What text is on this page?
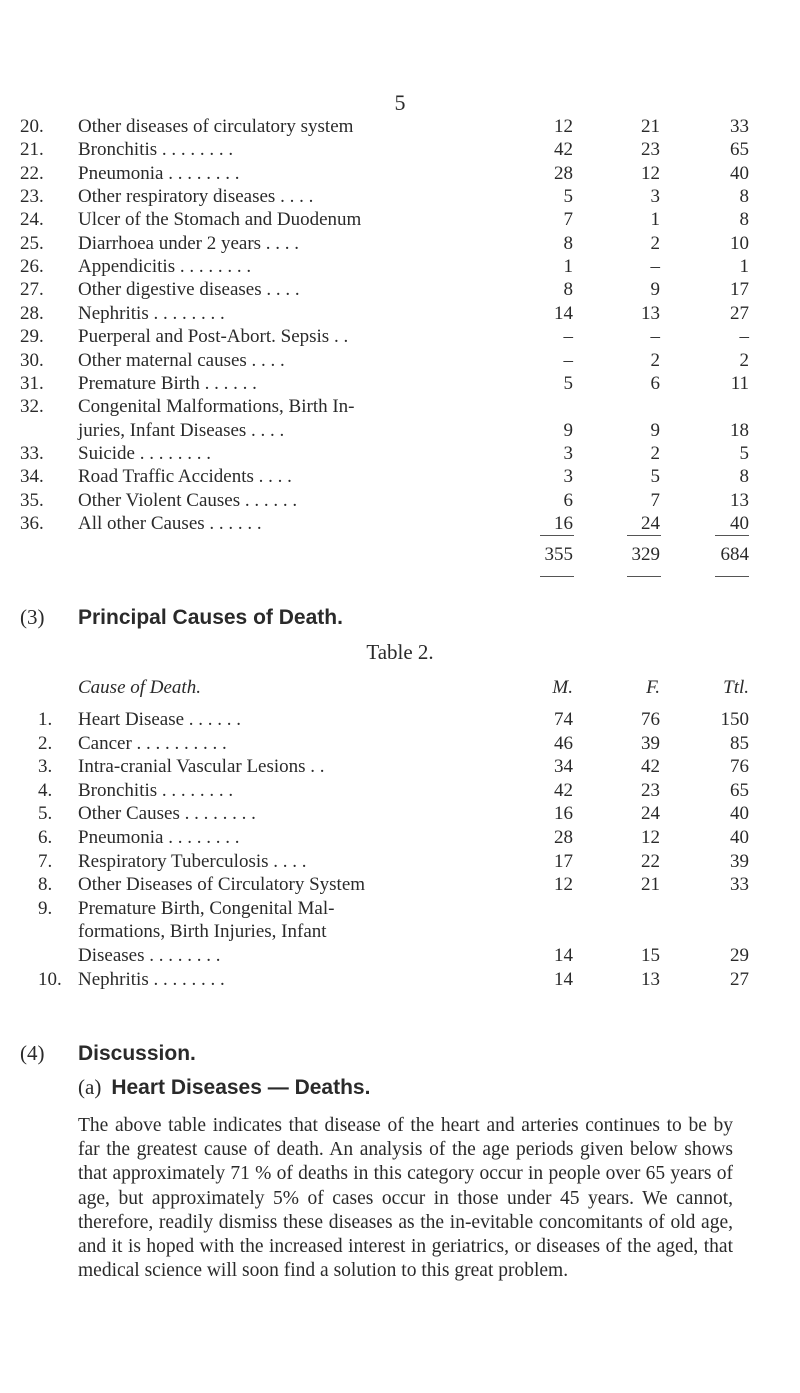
5
20.	Other diseases of circulatory system	12	21	33
21.	Bronchitis . . . . . . . .	42	23	65
22.	Pneumonia . . . . . . . .	28	12	40
23.	Other respiratory diseases . . . .	5	3	8
24.	Ulcer of the Stomach and Duodenum	7	1	8
25.	Diarrhoea under 2 years . . . .	8	2	10
26.	Appendicitis . . . . . . . .	1	–	1
27.	Other digestive diseases . . . .	8	9	17
28.	Nephritis . . . . . . . .	14	13	27
29.	Puerperal and Post-Abort. Sepsis . .	–	–	–
30.	Other maternal causes . . . .	–	2	2
31.	Premature Birth . . . . . .	5	6	11
32.	Congenital Malformations, Birth In-
juries, Infant Diseases . . . .	9	9	18
33.	Suicide . . . . . . . .	3	2	5
34.	Road Traffic Accidents . . . .	3	5	8
35.	Other Violent Causes . . . . . .	6	7	13
36.	All other Causes . . . . . .	16	24	40
355	329	684
(3) Principal Causes of Death.
Table 2.
Cause of Death.	M.	F.	Ttl.
1.	Heart Disease . . . . . .	74	76	150
2.	Cancer . . . . . . . . . .	46	39	85
3.	Intra-cranial Vascular Lesions . .	34	42	76
4.	Bronchitis . . . . . . . .	42	23	65
5.	Other Causes . . . . . . . .	16	24	40
6.	Pneumonia . . . . . . . .	28	12	40
7.	Respiratory Tuberculosis . . . .	17	22	39
8.	Other Diseases of Circulatory System	12	21	33
9.	Premature Birth, Congenital Mal-
formations, Birth Injuries, Infant
Diseases . . . . . . . .	14	15	29
10. Nephritis . . . . . . . .	14	13	27
(4) Discussion.
(a) Heart Diseases — Deaths.
The above table indicates that disease of the heart and arteries continues to be by far the greatest cause of death. An analysis of the age periods given below shows that approximately 71 % of deaths in this category occur in people over 65 years of age, but approximately 5% of cases occur in those under 45 years. We cannot, therefore, readily dismiss these diseases as the in-evitable concomitants of old age, and it is hoped with the increased interest in geriatrics, or diseases of the aged, that medical science will soon find a solution to this great problem.
